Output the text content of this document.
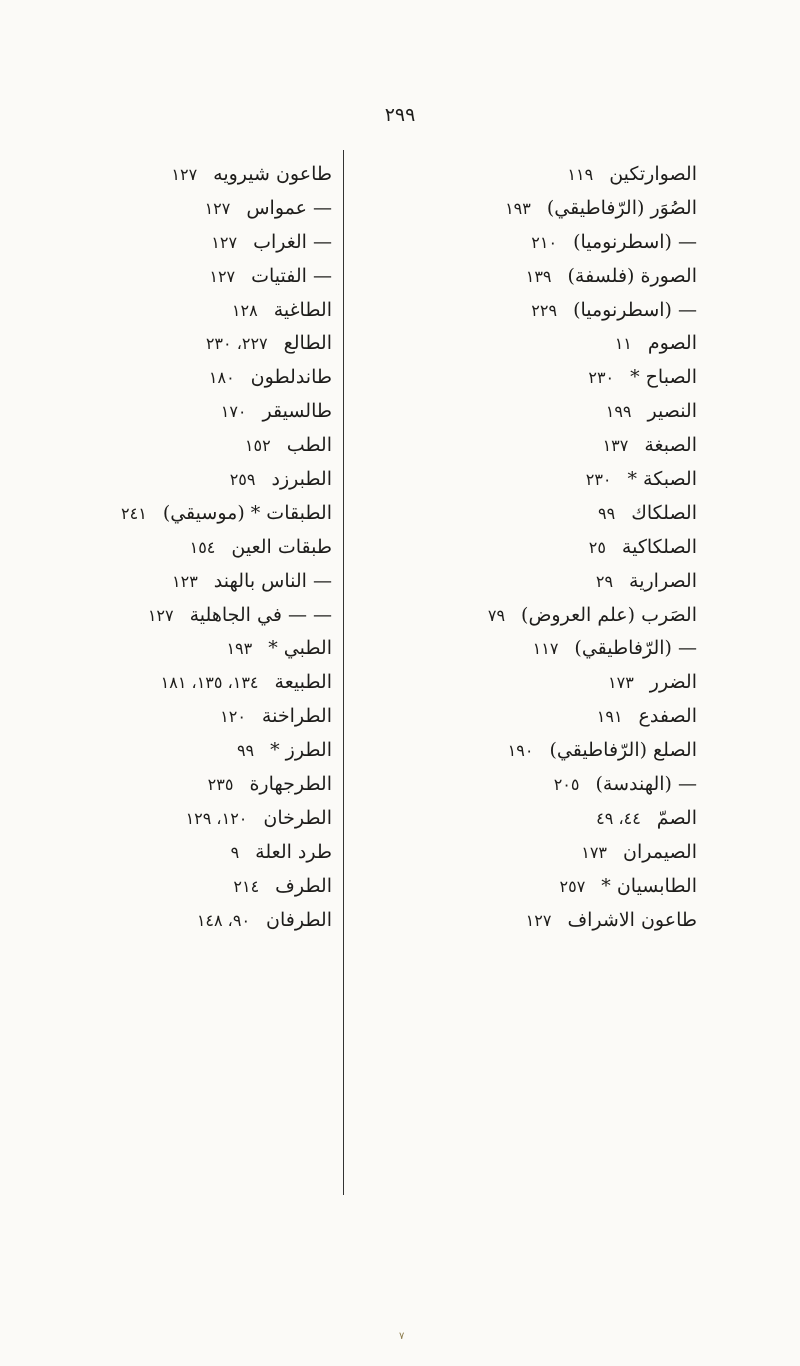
٢٩٩
الصوارتكين
١١٩
الصُوَر (الرّفاطيقي)
١٩٣
— (اسطرنوميا)
٢١٠
الصورة (فلسفة)
١٣٩
— (اسطرنوميا)
٢٢٩
الصوم
١١
الصباح *
٢٣٠
النصير
١٩٩
الصبغة
١٣٧
الصبكة *
٢٣٠
الصلكاك
٩٩
الصلكاكية
٢٥
الصرارية
٢٩
الصَرب (علم العروض)
٧٩
— (الرّفاطيقي)
١١٧
الضرر
١٧٣
الصفدع
١٩١
الصلع (الرّفاطيقي)
١٩٠
— (الهندسة)
٢٠٥
الصمّ
٤٤، ٤٩
الصيمران
١٧٣
الطابسيان *
٢٥٧
طاعون الاشراف
١٢٧
طاعون شيرويه
١٢٧
— عمواس
١٢٧
— الغراب
١٢٧
— الفتيات
١٢٧
الطاغية
١٢٨
الطالع
٢٢٧، ٢٣٠
طاندلطون
١٨٠
طالسيقر
١٧٠
الطب
١٥٢
الطبرزد
٢٥٩
الطبقات * (موسيقي)
٢٤١
طبقات العين
١٥٤
— الناس بالهند
١٢٣
— — في الجاهلية
١٢٧
الطبي *
١٩٣
الطبيعة
١٣٤، ١٣٥، ١٨١
الطراخنة
١٢٠
الطرز *
٩٩
الطرجهارة
٢٣٥
الطرخان
١٢٠، ١٢٩
طرد العلة
٩
الطرف
٢١٤
الطرفان
٩٠، ١٤٨
٧
